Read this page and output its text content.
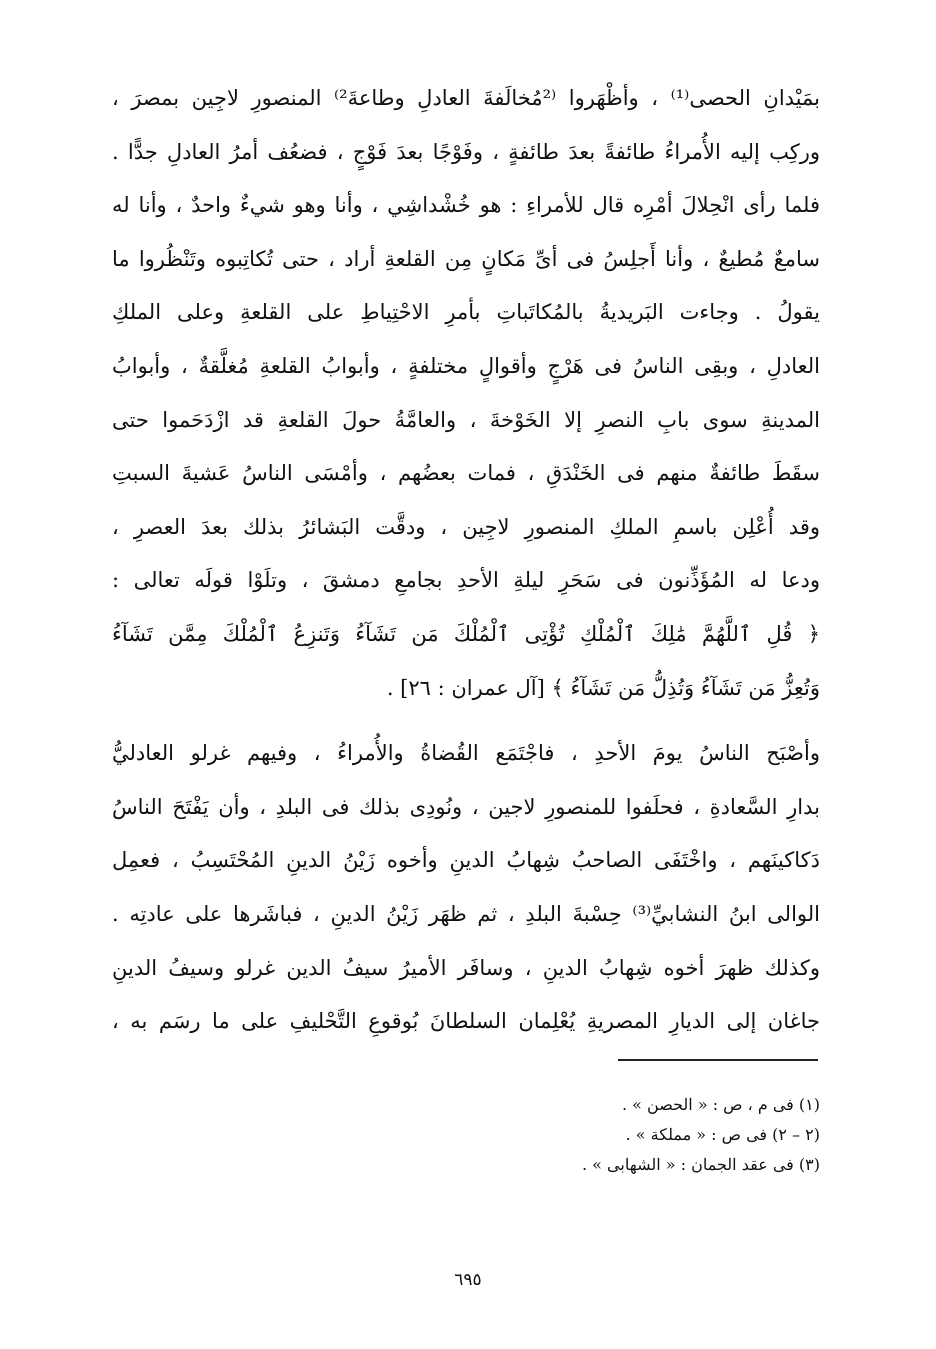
بمَيْدانِ الحصى⁽¹⁾ ، وأظْهَروا ⁽²مُخالَفةَ العادلِ وطاعةَ²⁾ المنصورِ لاجِين بمصرَ ،
وركِب إليه الأُمراءُ طائفةً بعدَ طائفةٍ ، وفَوْجًا بعدَ فَوْجٍ ، فضعُف أمرُ العادلِ جدًّا .
فلما رأى انْحِلالَ أمْرِه قال للأمراءِ : هو خُشْداشِي ، وأنا وهو شيءٌ واحدٌ ، وأنا له
سامعٌ مُطيعٌ ، وأنا أَجلِسُ فى أىِّ مَكانٍ مِن القلعةِ أراد ، حتى تُكاتِبوه وتَنْظُروا ما
يقولُ . وجاءت البَريديةُ بالمُكاتَباتِ بأمرِ الاحْتِياطِ على القلعةِ وعلى الملكِ
العادلِ ، وبقِى الناسُ فى هَرْجٍ وأقوالٍ مختلفةٍ ، وأبوابُ القلعةِ مُغلَّقةٌ ، وأبوابُ
المدينةِ سوى بابِ النصرِ إلا الخَوْخةَ ، والعامَّةُ حولَ القلعةِ قد ازْدَحَموا حتى
سقَطَ طائفةٌ منهم فى الخَنْدَقِ ، فمات بعضُهم ، وأمْسَى الناسُ عَشيةَ السبتِ
وقد أُعْلِن باسمِ الملكِ المنصورِ لاجِين ، ودقَّت البَشائرُ بذلك بعدَ العصرِ ،
ودعا له المُؤَذِّنون فى سَحَرِ ليلةِ الأحدِ بجامعِ دمشقَ ، وتلَوْا قولَه تعالى :
﴿ قُلِ ٱللَّهُمَّ مَٰلِكَ ٱلْمُلْكِ تُؤْتِى ٱلْمُلْكَ مَن تَشَآءُ وَتَنزِعُ ٱلْمُلْكَ مِمَّن تَشَآءُ
وَتُعِزُّ مَن تَشَآءُ وَتُذِلُّ مَن تَشَآءُ ﴾ [آل عمران : ٢٦] .
وأصْبَح الناسُ يومَ الأحدِ ، فاجْتَمَع القُضاةُ والأُمراءُ ، وفيهم غرلو العادليُّ
بدارِ السَّعادةِ ، فحلَفوا للمنصورِ لاجين ، ونُودِى بذلك فى البلدِ ، وأن يَفْتَحَ الناسُ
دَكاكينَهم ، واخْتَفَى الصاحبُ شِهابُ الدينِ وأخوه زَيْنُ الدينِ المُحْتَسِبُ ، فعمِل
الوالى ابنُ النشابيِّ⁽³⁾ حِسْبةَ البلدِ ، ثم ظهَر زَيْنُ الدينِ ، فباشَرها على عادتِه .
وكذلك ظهرَ أخوه شِهابُ الدينِ ، وسافَر الأميرُ سيفُ الدين غرلو وسيفُ الدينِ
جاغان إلى الديارِ المصريةِ يُعْلِمان السلطانَ بُوقوعِ التَّحْليفِ على ما رسَم به ،
(١) فى م ، ص : « الحصن » .
(٢ – ٢) فى ص : « مملكة » .
(٣) فى عقد الجمان : « الشهابى » .
٦٩٥
